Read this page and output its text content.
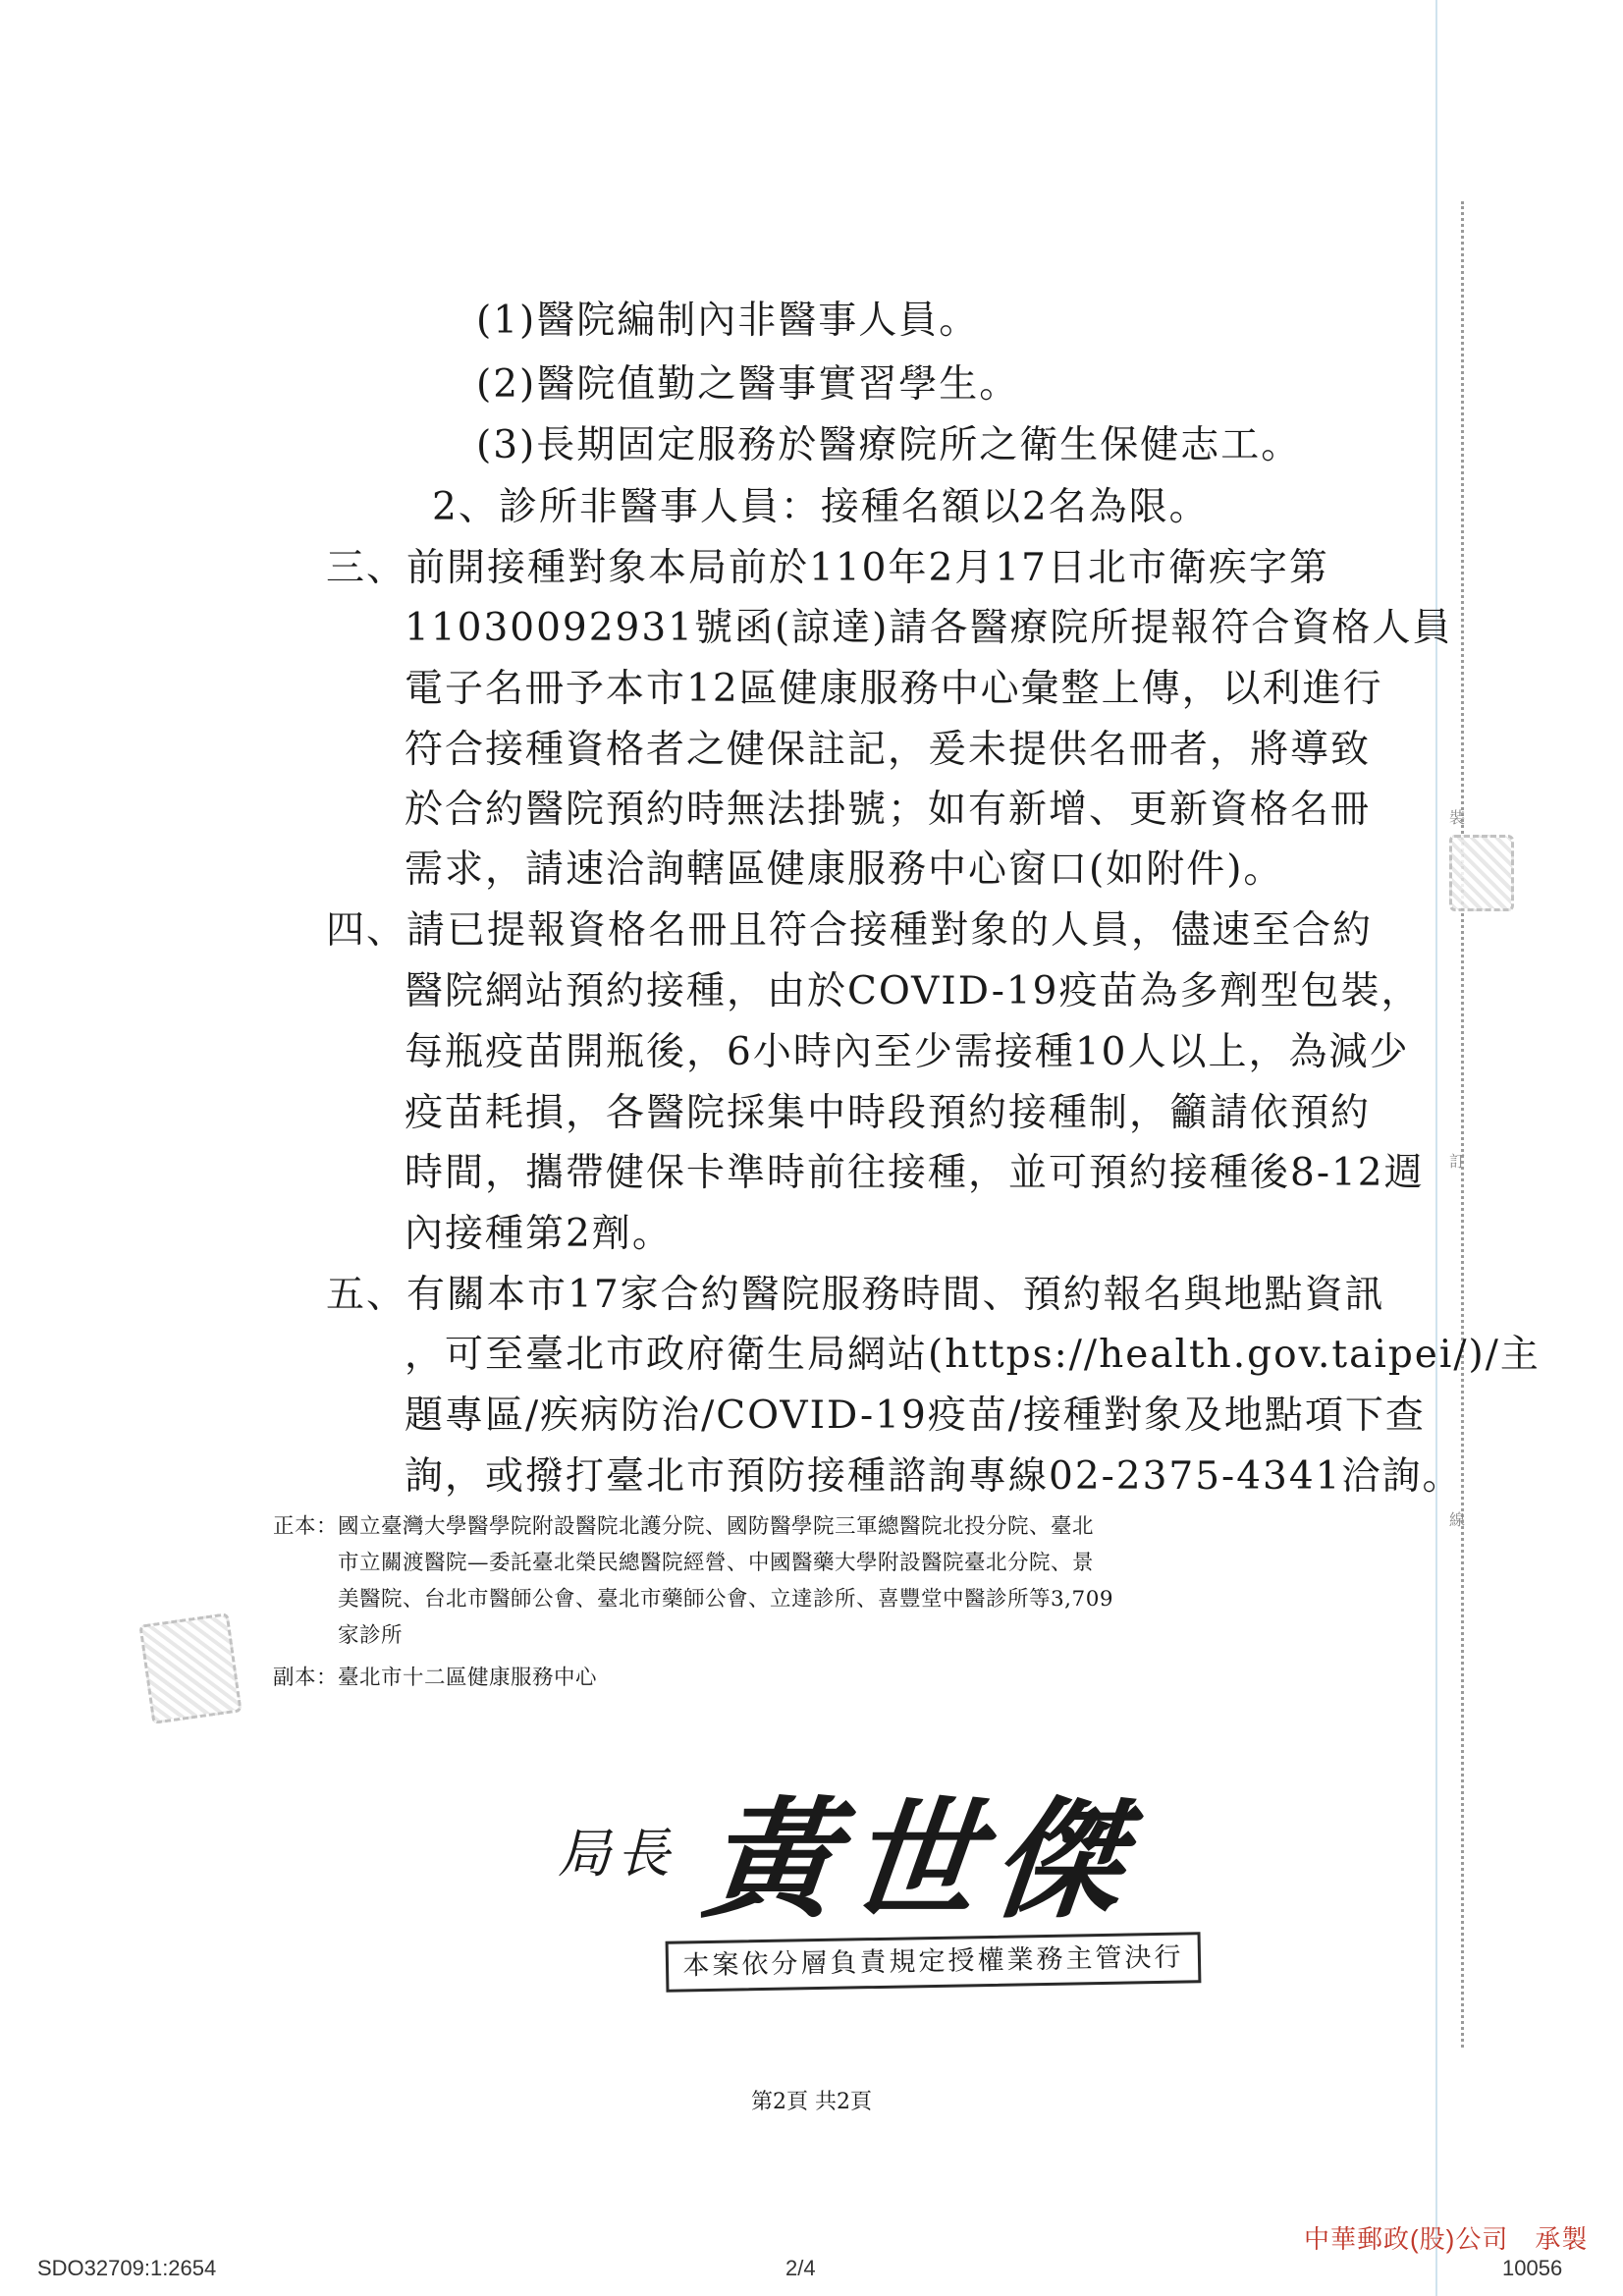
裝
訂
線
(1)醫院編制內非醫事人員。
(2)醫院值勤之醫事實習學生。
(3)長期固定服務於醫療院所之衛生保健志工。
2、診所非醫事人員：接種名額以2名為限。
三、前開接種對象本局前於110年2月17日北市衛疾字第
11030092931號函(諒達)請各醫療院所提報符合資格人員
電子名冊予本市12區健康服務中心彙整上傳，以利進行
符合接種資格者之健保註記，爰未提供名冊者，將導致
於合約醫院預約時無法掛號；如有新增、更新資格名冊
需求，請速洽詢轄區健康服務中心窗口(如附件)。
四、請已提報資格名冊且符合接種對象的人員，儘速至合約
醫院網站預約接種，由於COVID-19疫苗為多劑型包裝，
每瓶疫苗開瓶後，6小時內至少需接種10人以上，為減少
疫苗耗損，各醫院採集中時段預約接種制，籲請依預約
時間，攜帶健保卡準時前往接種，並可預約接種後8-12週
內接種第2劑。
五、有關本市17家合約醫院服務時間、預約報名與地點資訊
，可至臺北市政府衛生局網站(https://health.gov.taipei/)/主
題專區/疾病防治/COVID-19疫苗/接種對象及地點項下查
詢，或撥打臺北市預防接種諮詢專線02-2375-4341洽詢。
正本：國立臺灣大學醫學院附設醫院北護分院、國防醫學院三軍總醫院北投分院、臺北
市立關渡醫院—委託臺北榮民總醫院經營、中國醫藥大學附設醫院臺北分院、景
美醫院、台北市醫師公會、臺北市藥師公會、立達診所、喜豐堂中醫診所等3,709
家診所
副本：臺北市十二區健康服務中心
局長 黃世傑
本案依分層負責規定授權業務主管決行
第2頁 共2頁
SDO32709:1:2654	2/4
中華郵政(股)公司　承製
10056
